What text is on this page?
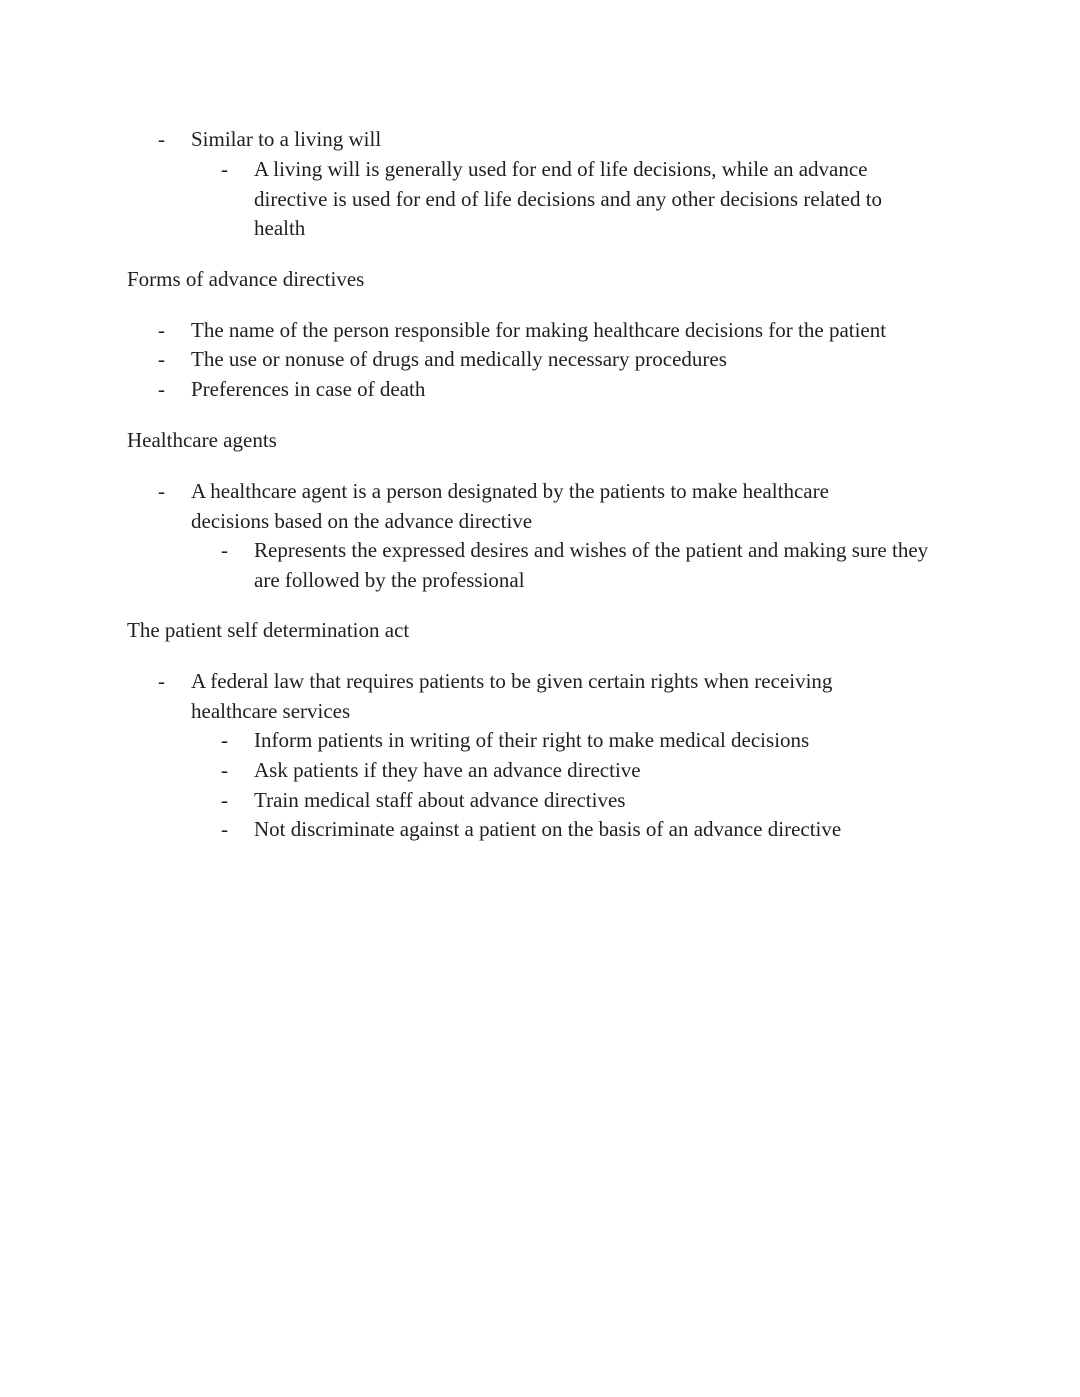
- Similar to a living will
- A living will is generally used for end of life decisions, while an advance directive is used for end of life decisions and any other decisions related to health
Forms of advance directives
- The name of the person responsible for making healthcare decisions for the patient
- The use or nonuse of drugs and medically necessary procedures
- Preferences in case of death
Healthcare agents
- A healthcare agent is a person designated by the patients to make healthcare decisions based on the advance directive
- Represents the expressed desires and wishes of the patient and making sure they are followed by the professional
The patient self determination act
- A federal law that requires patients to be given certain rights when receiving healthcare services
- Inform patients in writing of their right to make medical decisions
- Ask patients if they have an advance directive
- Train medical staff about advance directives
- Not discriminate against a patient on the basis of an advance directive
